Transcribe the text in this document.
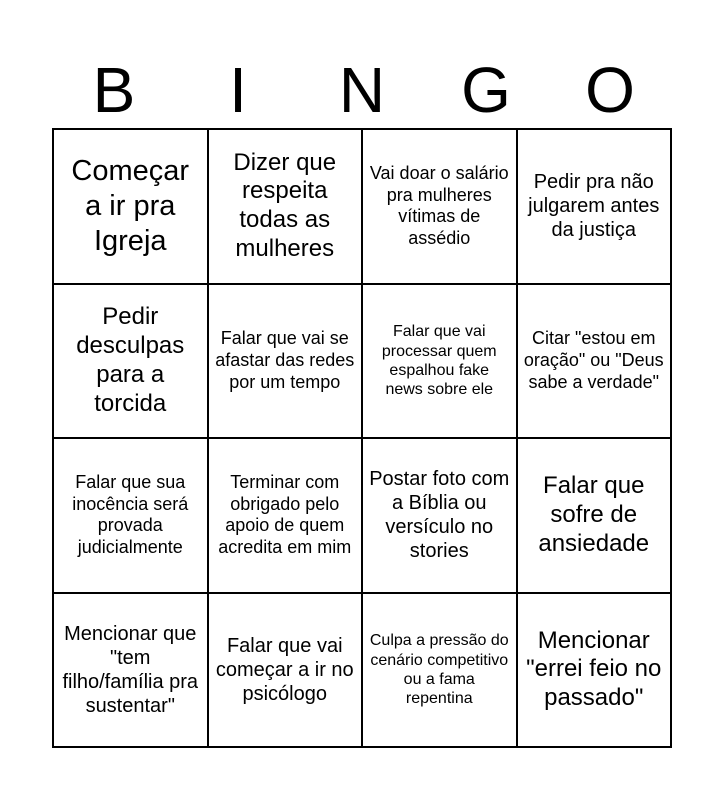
B	I	N	G	O
Começar a ir pra Igreja
Dizer que respeita todas as mulheres
Vai doar o salário pra mulheres vítimas de assédio
Pedir pra não julgarem antes da justiça
Pedir desculpas para a torcida
Falar que vai se afastar das redes por um tempo
Falar que vai processar quem espalhou fake news sobre ele
Citar "estou em oração" ou "Deus sabe a verdade"
Falar que sua inocência será provada judicialmente
Terminar com obrigado pelo apoio de quem acredita em mim
Postar foto com a Bíblia ou versículo no stories
Falar que sofre de ansiedade
Mencionar que "tem filho/família pra sustentar"
Falar que vai começar a ir no psicólogo
Culpa a pressão do cenário competitivo ou a fama repentina
Mencionar "errei feio no passado"
